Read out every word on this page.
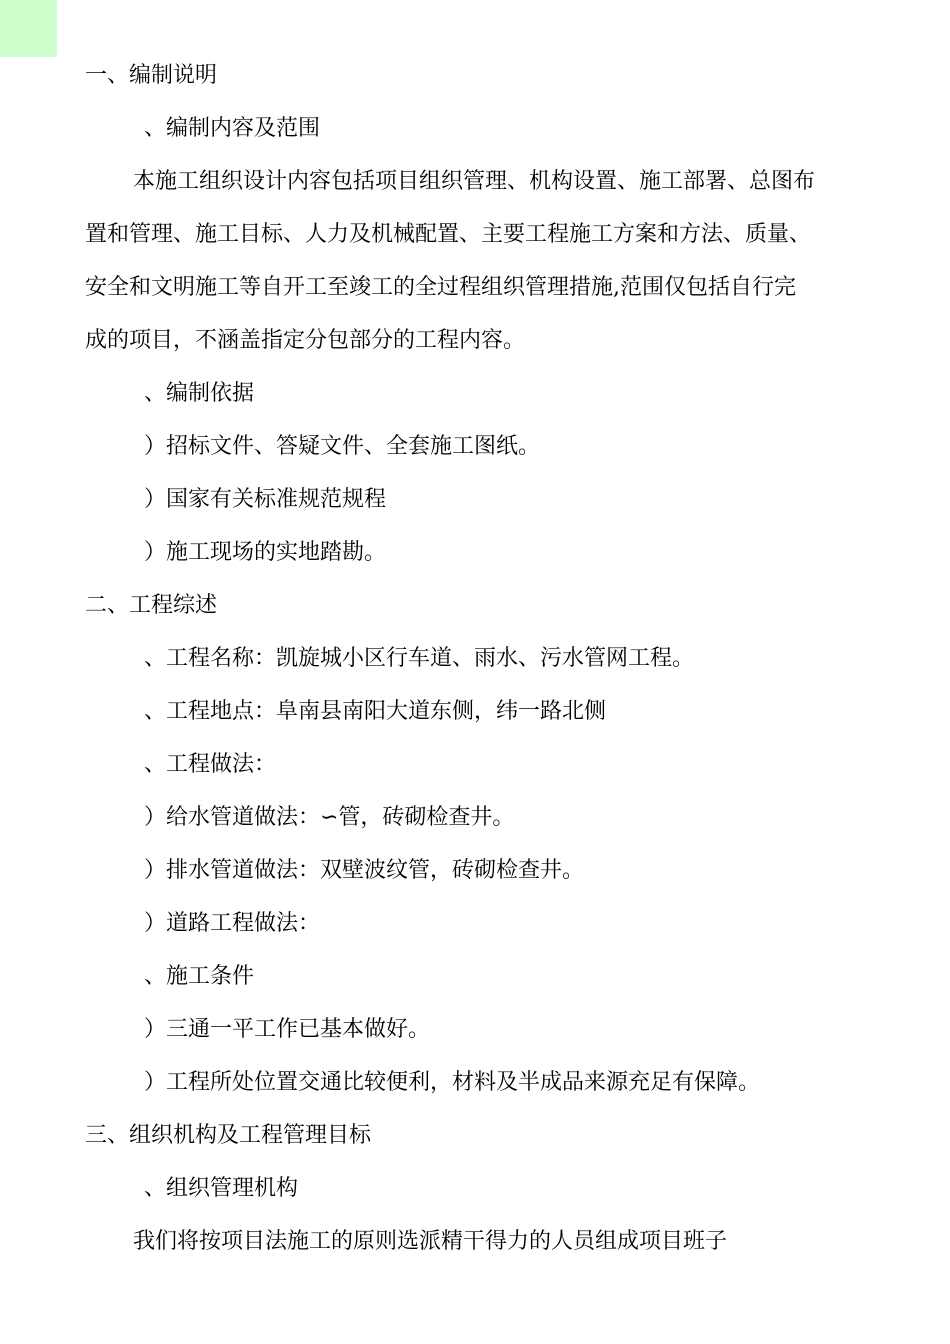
一、编制说明
、编制内容及范围
本施工组织设计内容包括项目组织管理、机构设置、施工部署、总图布
置和管理、施工目标、人力及机械配置、主要工程施工方案和方法、质量、
安全和文明施工等自开工至竣工的全过程组织管理措施,范围仅包括自行完
成的项目，不涵盖指定分包部分的工程内容。
、编制依据
）招标文件、答疑文件、全套施工图纸。
）国家有关标准规范规程
）施工现场的实地踏勘。
二、工程综述
、工程名称：凯旋城小区行车道、雨水、污水管网工程。
、工程地点：阜南县南阳大道东侧，纬一路北侧
、工程做法：
）给水管道做法：∽管，砖砌检查井。
）排水管道做法：双壁波纹管，砖砌检查井。
）道路工程做法：
、施工条件
）三通一平工作已基本做好。
）工程所处位置交通比较便利，材料及半成品来源充足有保障。
三、组织机构及工程管理目标
、组织管理机构
我们将按项目法施工的原则选派精干得力的人员组成项目班子
